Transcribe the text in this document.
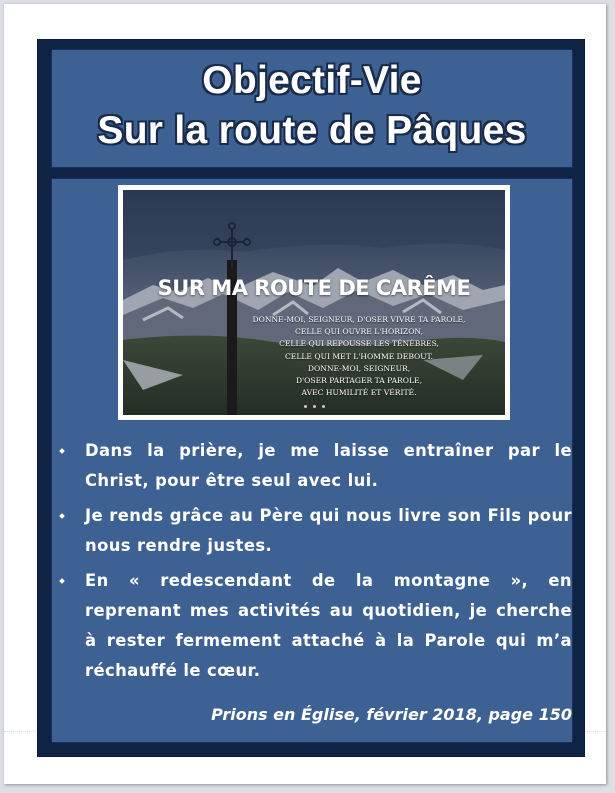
Objectif-Vie
Sur la route de Pâques
SUR MA ROUTE DE CARÊME
DONNE-MOI, SEIGNEUR, D'OSER VIVRE TA PAROLE,
CELLE QUI OUVRE L'HORIZON,
CELLE QUI REPOUSSE LES TÉNÈBRES,
CELLE QUI MET L'HOMME DEBOUT.
DONNE-MOI, SEIGNEUR,
D'OSER PARTAGER TA PAROLE,
AVEC HUMILITÉ ET VÉRITÉ.
Dans la prière, je me laisse entraîner par le Christ, pour être seul avec lui.
Je rends grâce au Père qui nous livre son Fils pour nous rendre justes.
En « redescendant de la montagne », en reprenant mes activités au quotidien, je cherche à rester fermement attaché à la Parole qui m’a réchauffé le cœur.
Prions en Église, février 2018, page 150
